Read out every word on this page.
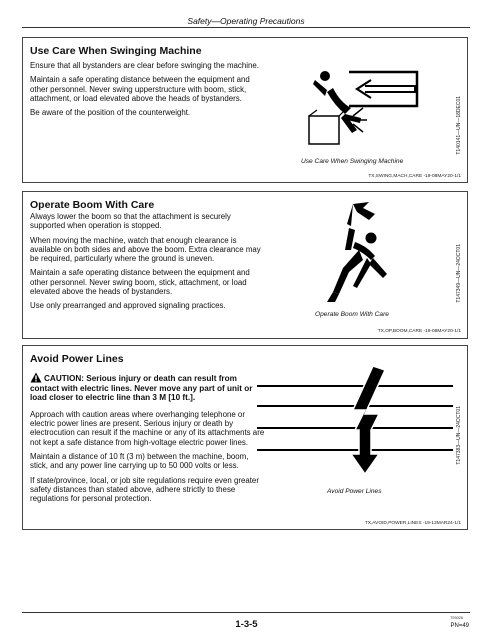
Safety—Operating Precautions
Use Care When Swinging Machine

Ensure that all bystanders are clear before swinging the machine.

Maintain a safe operating distance between the equipment and other personnel. Never swing upperstructure with boom, stick, attachment, or load elevated above the heads of bystanders.

Be aware of the position of the counterweight.

Use Care When Swinging Machine
T140141—UN—18DEC01
TX,SWING,MACH,CARE -19-08MAY20-1/1
Operate Boom With Care

Always lower the boom so that the attachment is securely supported when operation is stopped.

When moving the machine, watch that enough clearance is available on both sides and above the boom. Extra clearance may be required, particularly where the ground is uneven.

Maintain a safe operating distance between the equipment and other personnel. Never swing boom, stick, attachment, or load elevated above the heads of bystanders.

Use only prearranged and approved signaling practices.

Operate Boom With Care
T147349—UN—24OCT01
TX,OP,BOOM,CARE -19-08MAY20-1/1
Avoid Power Lines
CAUTION: Serious injury or death can result from contact with electric lines. Never move any part of unit or load closer to electric line than 3 M [10 ft.].

Approach with caution areas where overhanging telephone or electric power lines are present. Serious injury or death by electrocution can result if the machine or any of its attachments are not kept a safe distance from high-voltage electric power lines.

Maintain a distance of 10 ft (3 m) between the machine, boom, stick, and any power line carrying up to 50 000 volts or less.

If state/province, local, or job site regulations require even greater safety distances than stated above, adhere strictly to these regulations for personal protection.

Avoid Power Lines
T147383—UN—24OCT01
TX,AVOID,POWER,LINES -19-13MAR24-1/1
1-3-5
T93026
PN=49
